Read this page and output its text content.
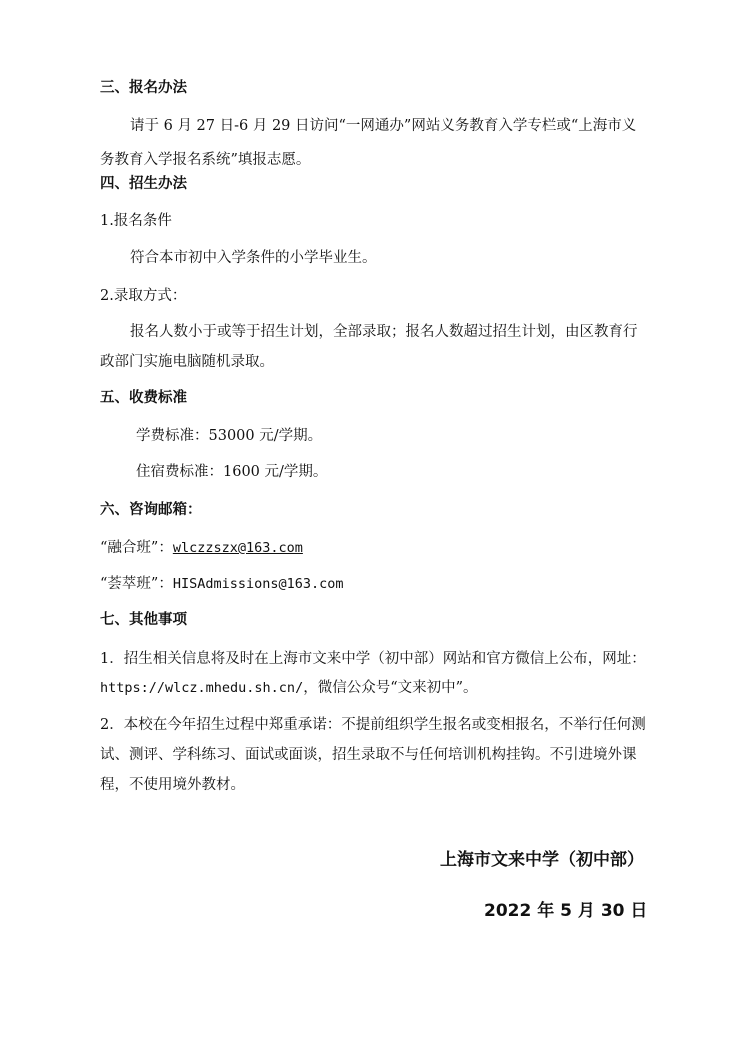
三、报名办法
请于 6 月 27 日-6 月 29 日访问“一网通办”网站义务教育入学专栏或“上海市义
务教育入学报名系统”填报志愿。
四、招生办法
1.报名条件
符合本市初中入学条件的小学毕业生。
2.录取方式：
报名人数小于或等于招生计划，全部录取；报名人数超过招生计划，由区教育行
政部门实施电脑随机录取。
五、收费标准
学费标准：53000 元/学期。
住宿费标准：1600 元/学期。
六、咨询邮箱：
“融合班”：wlczzszx@163.com
“荟萃班”：HISAdmissions@163.com
七、其他事项
1．招生相关信息将及时在上海市文来中学（初中部）网站和官方微信上公布，网址：
https://wlcz.mhedu.sh.cn/，微信公众号“文来初中”。
2．本校在今年招生过程中郑重承诺：不提前组织学生报名或变相报名，不举行任何测
试、测评、学科练习、面试或面谈，招生录取不与任何培训机构挂钩。不引进境外课
程，不使用境外教材。
上海市文来中学（初中部）
2022 年 5 月 30 日
